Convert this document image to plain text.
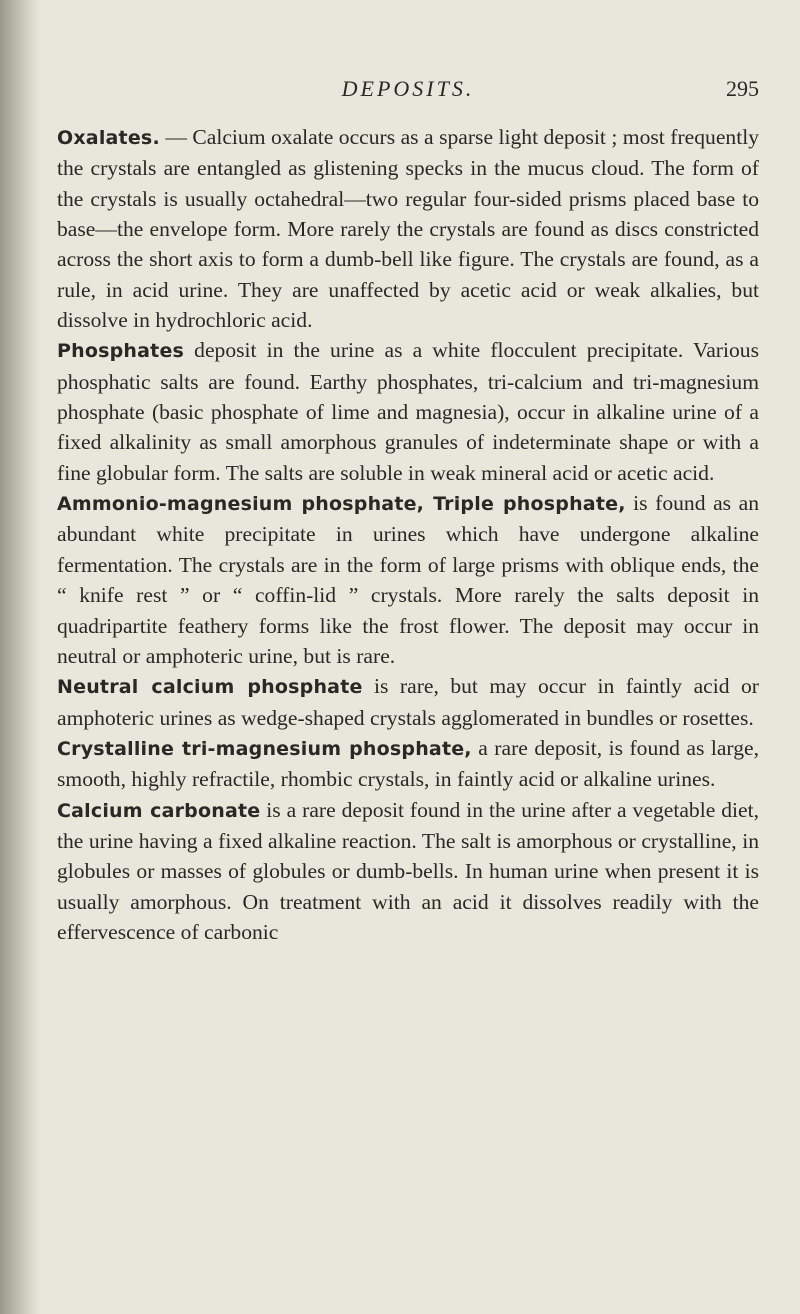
DEPOSITS.	295

Oxalates. — Calcium oxalate occurs as a sparse light deposit ; most frequently the crystals are entangled as glistening specks in the mucus cloud. The form of the crystals is usually octahedral—two regular four-sided prisms placed base to base—the envelope form. More rarely the crystals are found as discs constricted across the short axis to form a dumb-bell like figure. The crystals are found, as a rule, in acid urine. They are unaffected by acetic acid or weak alkalies, but dissolve in hydrochloric acid.

Phosphates deposit in the urine as a white flocculent precipitate. Various phosphatic salts are found. Earthy phosphates, tri-calcium and tri-magnesium phosphate (basic phosphate of lime and magnesia), occur in alkaline urine of a fixed alkalinity as small amorphous granules of indeterminate shape or with a fine globular form. The salts are soluble in weak mineral acid or acetic acid.

Ammonio-magnesium phosphate, Triple phosphate, is found as an abundant white precipitate in urines which have undergone alkaline fermentation. The crystals are in the form of large prisms with oblique ends, the “ knife rest ” or “ coffin-lid ” crystals. More rarely the salts deposit in quadripartite feathery forms like the frost flower. The deposit may occur in neutral or amphoteric urine, but is rare.

Neutral calcium phosphate is rare, but may occur in faintly acid or amphoteric urines as wedge-shaped crystals agglomerated in bundles or rosettes.

Crystalline tri-magnesium phosphate, a rare deposit, is found as large, smooth, highly refractile, rhombic crystals, in faintly acid or alkaline urines.

Calcium carbonate is a rare deposit found in the urine after a vegetable diet, the urine having a fixed alkaline reaction. The salt is amorphous or crystalline, in globules or masses of globules or dumb-bells. In human urine when present it is usually amorphous. On treatment with an acid it dissolves readily with the effervescence of carbonic
